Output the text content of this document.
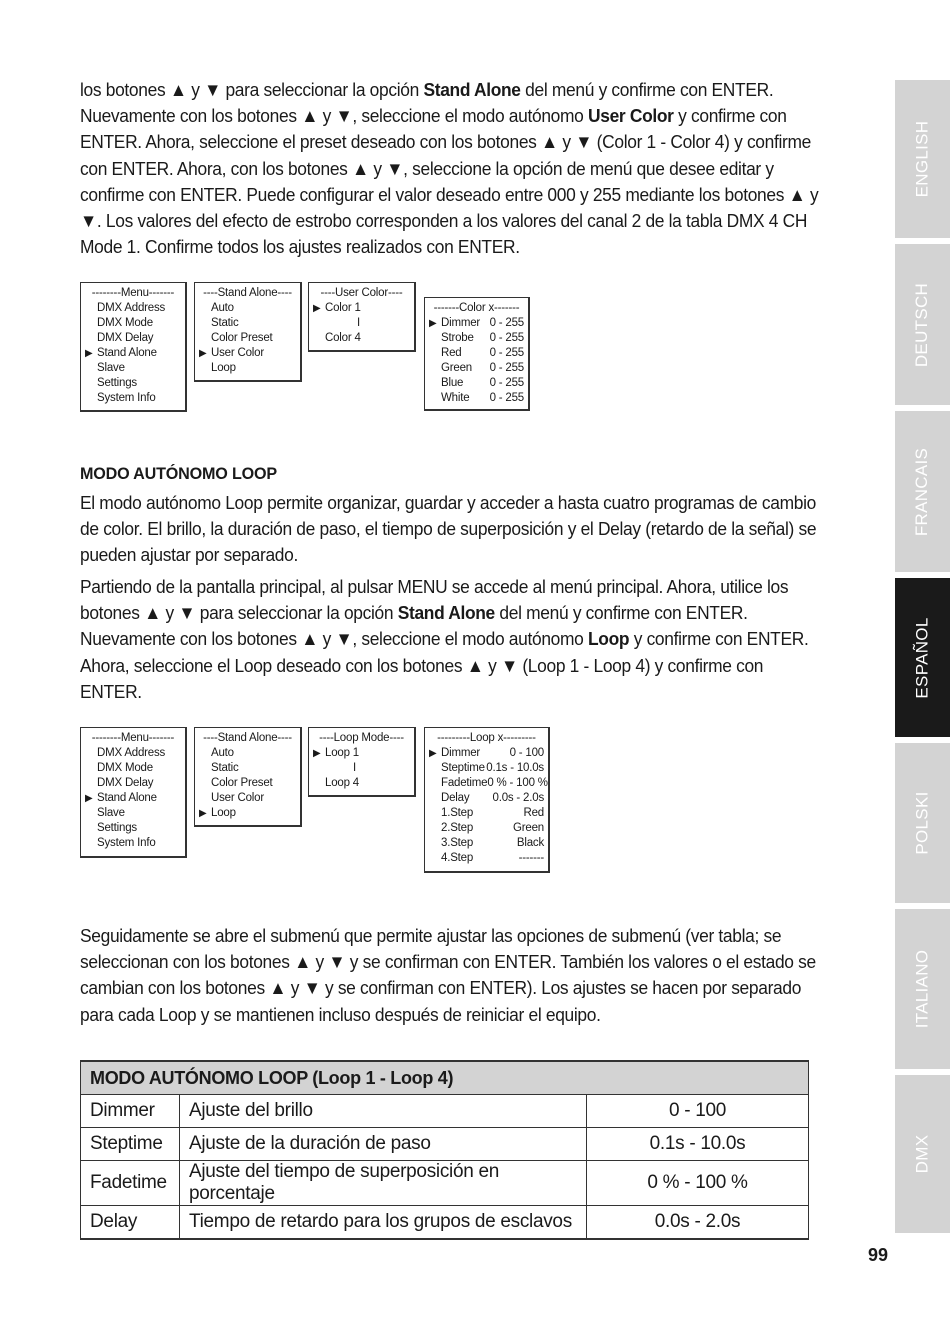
los botones ▲ y ▼ para seleccionar la opción Stand Alone del menú y confirme con ENTER. Nuevamente con los botones ▲ y ▼, seleccione el modo autónomo User Color y confirme con ENTER. Ahora, seleccione el preset deseado con los botones ▲ y ▼ (Color 1 - Color 4) y confirme con ENTER. Ahora, con los botones ▲ y ▼, seleccione la opción de menú que desee editar y confirme con ENTER. Puede configurar el valor deseado entre 000 y 255 mediante los botones ▲ y ▼. Los valores del efecto de estrobo corresponden a los valores del canal 2 de la tabla DMX 4 CH Mode 1. Confirme todos los ajustes realizados con ENTER.

--------Menu-------
DMX Address
DMX Mode
DMX Delay
▶ Stand Alone
Slave
Settings
System Info
----Stand Alone----
Auto
Static
Color Preset
▶ User Color
Loop
----User Color----
▶ Color 1
I
Color 4
-------Color x-------
▶ Dimmer 0 - 255
Strobe	0 - 255
Red	0 - 255
Green	0 - 255
Blue	0 - 255
White	0 - 255
MODO AUTÓNOMO LOOP

El modo autónomo Loop permite organizar, guardar y acceder a hasta cuatro programas de cambio de color. El brillo, la duración de paso, el tiempo de superposición y el Delay (retardo de la señal) se pueden ajustar por separado.

Partiendo de la pantalla principal, al pulsar MENU se accede al menú principal. Ahora, utilice los botones ▲ y ▼ para seleccionar la opción Stand Alone del menú y confirme con ENTER. Nuevamente con los botones ▲ y ▼, seleccione el modo autónomo Loop y confirme con ENTER. Ahora, seleccione el Loop deseado con los botones ▲ y ▼ (Loop 1 - Loop 4) y confirme con ENTER.

--------Menu-------
DMX Address
DMX Mode
DMX Delay
▶ Stand Alone
Slave
Settings
System Info
----Stand Alone----
Auto
Static
Color Preset
User Color
▶ Loop
----Loop Mode----
▶ Loop 1
I
Loop 4
---------Loop x---------
▶ Dimmer	0 - 100
Steptime 0.1s - 10.0s
Fadetime 0 % - 100 %
Delay	0.0s - 2.0s
1.Step	Red
2.Step	Green
3.Step	Black
4.Step	-------

Seguidamente se abre el submenú que permite ajustar las opciones de submenú (ver tabla; se seleccionan con los botones ▲ y ▼ y se confirman con ENTER. También los valores o el estado se cambian con los botones ▲ y ▼ y se confirman con ENTER). Los ajustes se hacen por separado para cada Loop y se mantienen incluso después de reiniciar el equipo.

MODO AUTÓNOMO LOOP (Loop 1 - Loop 4)		
Dimmer	Ajuste del brillo	0 - 100
Steptime	Ajuste de la duración de paso	0.1s - 10.0s
Fadetime	Ajuste del tiempo de superposición en porcentaje	0 % - 100 %
Delay	Tiempo de retardo para los grupos de esclavos	0.0s - 2.0s
ENGLISH
DEUTSCH
FRANCAIS
ESPAÑOL
POLSKI
ITALIANO
DMX
99
